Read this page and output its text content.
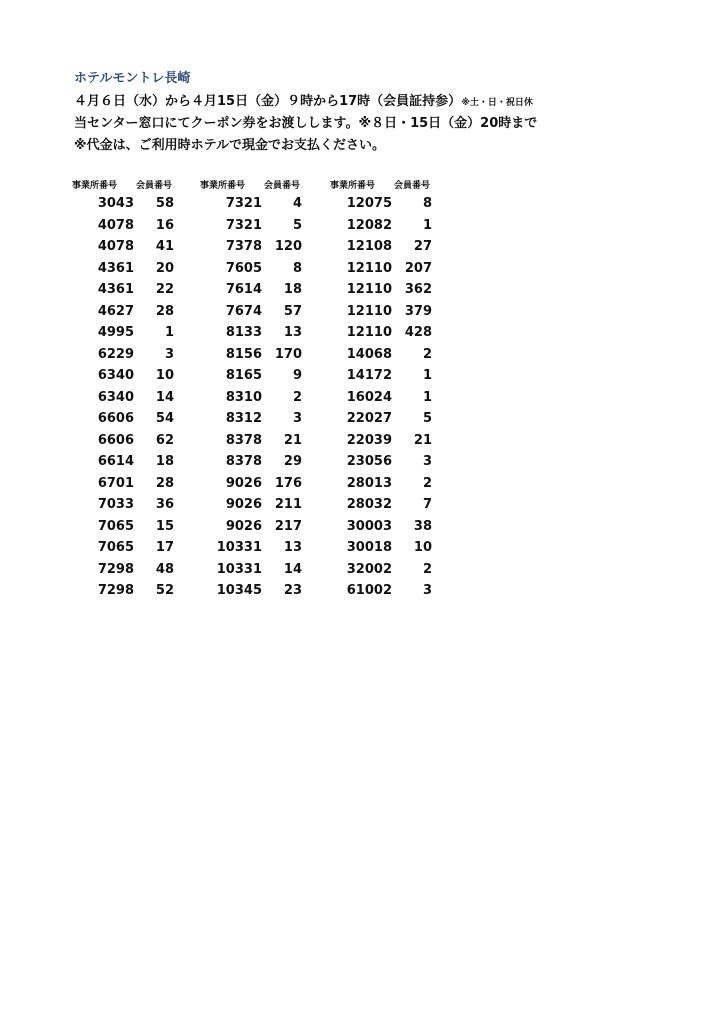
ホテルモントレ長崎
４月６日（水）から４月15日（金）９時から17時（会員証持参）※土・日・祝日休
当センター窓口にてクーポン券をお渡しします。※８日・15日（金）20時まで
※代金は、ご利用時ホテルで現金でお支払ください。
事業所番号	会員番号
3043	58
4078	16
4078	41
4361	20
4361	22
4627	28
4995	1
6229	3
6340	10
6340	14
6606	54
6606	62
6614	18
6701	28
7033	36
7065	15
7065	17
7298	48
7298	52
事業所番号	会員番号
7321	4
7321	5
7378 120
7605	8
7614	18
7674	57
8133	13
8156 170
8165	9
8310	2
8312	3
8378	21
8378	29
9026 176
9026 211
9026 217
10331	13
10331	14
10345	23
事業所番号	会員番号
12075	8
12082	1
12108	27
12110 207
12110 362
12110 379
12110 428
14068	2
14172	1
16024	1
22027	5
22039	21
23056	3
28013	2
28032	7
30003	38
30018	10
32002	2
61002	3
